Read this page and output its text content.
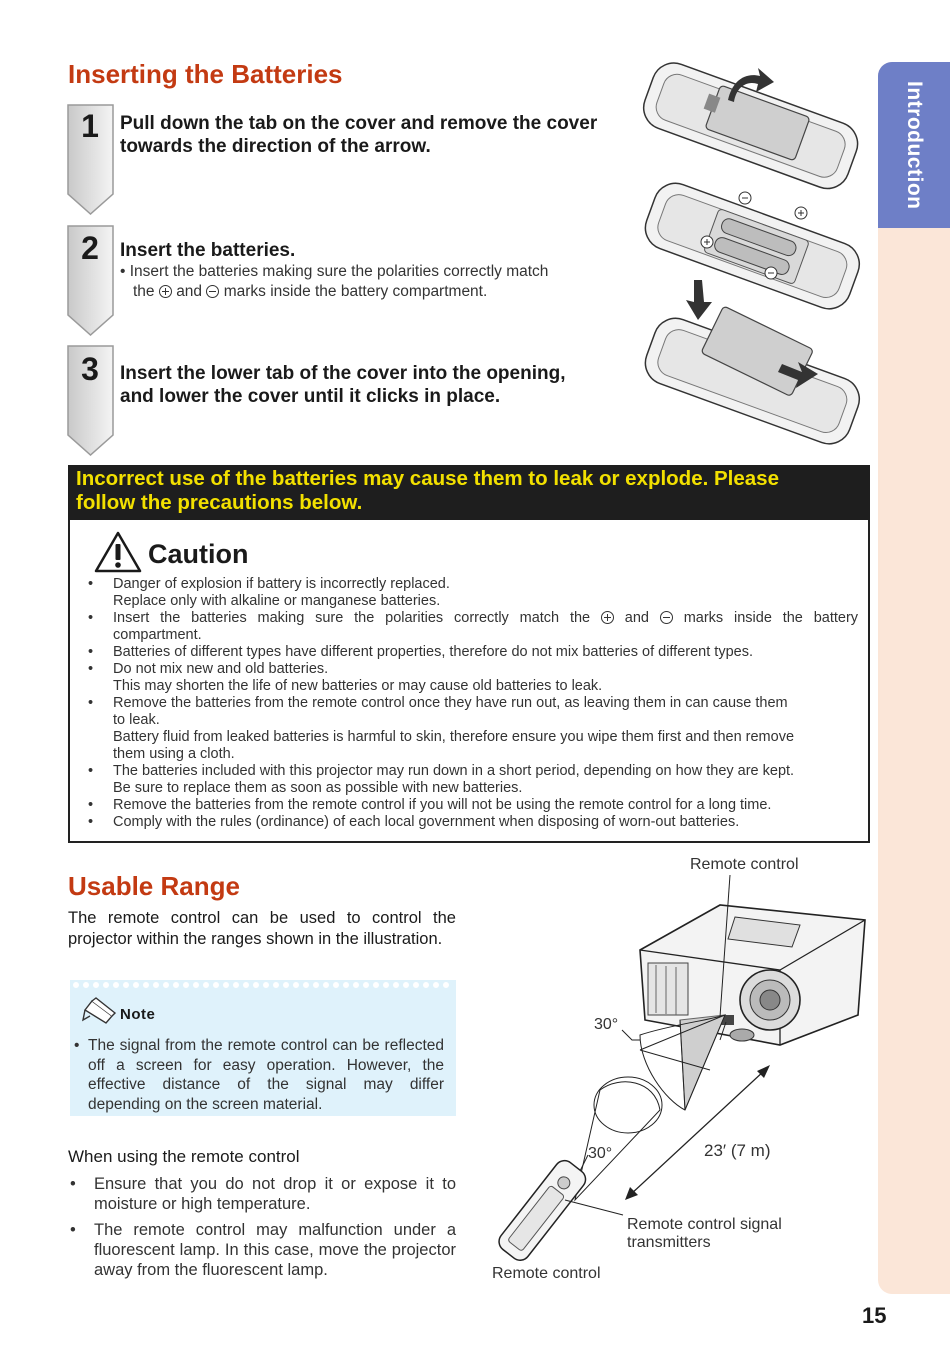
Introduction
Inserting the Batteries
1	Pull down the tab on the cover and remove the cover
towards the direction of the arrow.
2	Insert the batteries.
• Insert the batteries making sure the polarities correctly match
the and marks inside the battery compartment.
3	Insert the lower tab of the cover into the opening,
and lower the cover until it clicks in place.

Incorrect use of the batteries may cause them to leak or explode. Please

follow the precautions below.

Caution
• Danger of explosion if battery is incorrectly replaced.
Replace only with alkaline or manganese batteries.
• Insert the batteries making sure the polarities correctly match the and marks inside the battery
compartment.
• Batteries of different types have different properties, therefore do not mix batteries of different types.
• Do not mix new and old batteries.
This may shorten the life of new batteries or may cause old batteries to leak.
• Remove the batteries from the remote control once they have run out, as leaving them in can cause them
to leak.
Battery fluid from leaked batteries is harmful to skin, therefore ensure you wipe them first and then remove
them using a cloth.
• The batteries included with this projector may run down in a short period, depending on how they are kept.
Be sure to replace them as soon as possible with new batteries.
• Remove the batteries from the remote control if you will not be using the remote control for a long time.
• Comply with the rules (ordinance) of each local government when disposing of worn-out batteries.
Usable Range

The remote control can be used to control the projector within the ranges shown in the illustration.

Note
• The signal from the remote control can be reflected off a screen for easy operation. However, the effective distance of the signal may differ depending on the screen material.
When using the remote control
• Ensure that you do not drop it or expose it to moisture or high temperature.
• The remote control may malfunction under a fluorescent lamp. In this case, move the projector away from the fluorescent lamp.
Remote control
30°
30°	23′ (7 m)
Remote control signal
transmitters
Remote control
15
